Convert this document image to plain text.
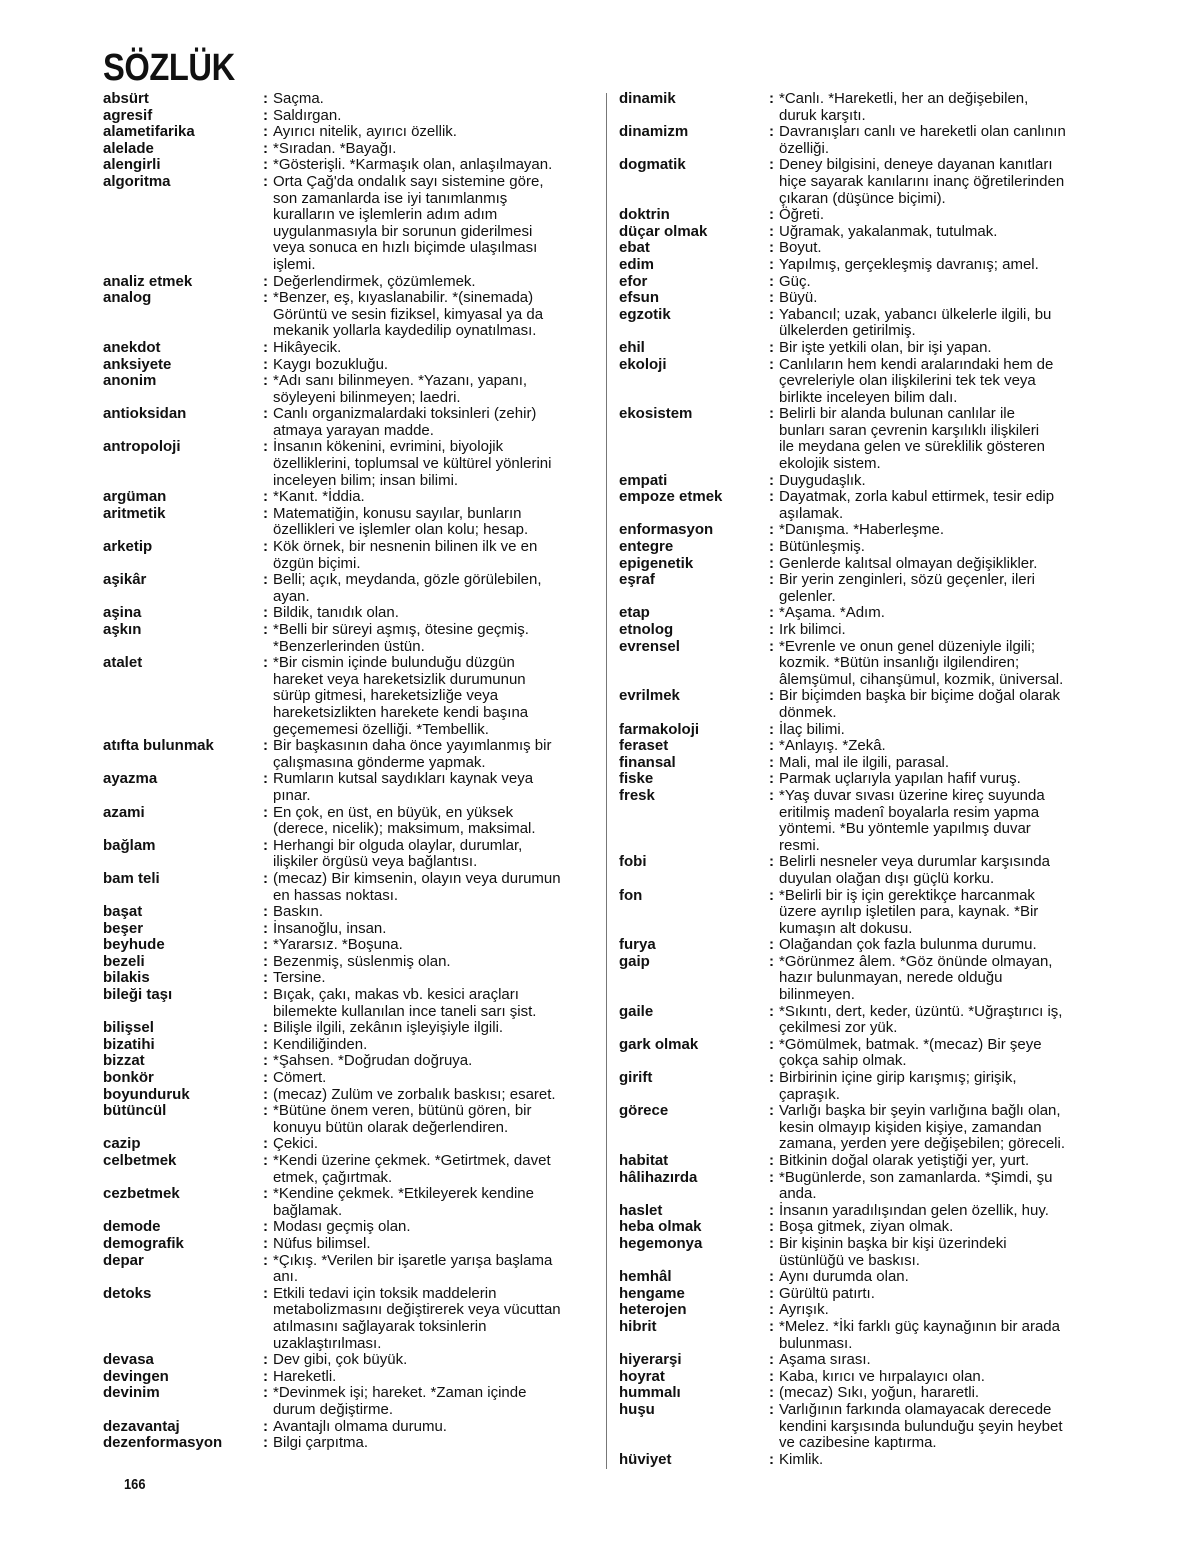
SÖZLÜK
absürt	: Saçma.
agresif	: Saldırgan.
alametifarika	: Ayırıcı nitelik, ayırıcı özellik.
alelade	: *Sıradan. *Bayağı.
alengirli	: *Gösterişli. *Karmaşık olan, anlaşılmayan.
algoritma	: Orta Çağ'da ondalık sayı sistemine göre,
son zamanlarda ise iyi tanımlanmış
kuralların ve işlemlerin adım adım
uygulanmasıyla bir sorunun giderilmesi
veya sonuca en hızlı biçimde ulaşılması
işlemi.
analiz etmek	: Değerlendirmek, çözümlemek.
analog	: *Benzer, eş, kıyaslanabilir. *(sinemada)
Görüntü ve sesin fiziksel, kimyasal ya da
mekanik yollarla kaydedilip oynatılması.
anekdot	: Hikâyecik.
anksiyete	: Kaygı bozukluğu.
anonim	: *Adı sanı bilinmeyen. *Yazanı, yapanı,
söyleyeni bilinmeyen; laedri.
antioksidan	: Canlı organizmalardaki toksinleri (zehir)
atmaya yarayan madde.
antropoloji	: İnsanın kökenini, evrimini, biyolojik
özelliklerini, toplumsal ve kültürel yönlerini
inceleyen bilim; insan bilimi.
argüman	: *Kanıt. *İddia.
aritmetik	: Matematiğin, konusu sayılar, bunların
özellikleri ve işlemler olan kolu; hesap.
arketip	: Kök örnek, bir nesnenin bilinen ilk ve en
özgün biçimi.
aşikâr	: Belli; açık, meydanda, gözle görülebilen,
ayan.
aşina	: Bildik, tanıdık olan.
aşkın	: *Belli bir süreyi aşmış, ötesine geçmiş.
*Benzerlerinden üstün.
atalet	: *Bir cismin içinde bulunduğu düzgün
hareket veya hareketsizlik durumunun
sürüp gitmesi, hareketsizliğe veya
hareketsizlikten harekete kendi başına
geçememesi özelliği. *Tembellik.
atıfta bulunmak	: Bir başkasının daha önce yayımlanmış bir
çalışmasına gönderme yapmak.
ayazma	: Rumların kutsal saydıkları kaynak veya
pınar.
azami	: En çok, en üst, en büyük, en yüksek
(derece, nicelik); maksimum, maksimal.
bağlam	: Herhangi bir olguda olaylar, durumlar,
ilişkiler örgüsü veya bağlantısı.
bam teli	: (mecaz) Bir kimsenin, olayın veya durumun
en hassas noktası.
başat	: Baskın.
beşer	: İnsanoğlu, insan.
beyhude	: *Yararsız. *Boşuna.
bezeli	: Bezenmiş, süslenmiş olan.
bilakis	: Tersine.
bileği taşı	: Bıçak, çakı, makas vb. kesici araçları
bilemekte kullanılan ince taneli sarı şist.
bilişsel	: Bilişle ilgili, zekânın işleyişiyle ilgili.
bizatihi	: Kendiliğinden.
bizzat	: *Şahsen. *Doğrudan doğruya.
bonkör	: Cömert.
boyunduruk	: (mecaz) Zulüm ve zorbalık baskısı; esaret.
bütüncül	: *Bütüne önem veren, bütünü gören, bir
konuyu bütün olarak değerlendiren.
cazip	: Çekici.
celbetmek	: *Kendi üzerine çekmek. *Getirtmek, davet
etmek, çağırtmak.
cezbetmek	: *Kendine çekmek. *Etkileyerek kendine
bağlamak.
demode	: Modası geçmiş olan.
demografik	: Nüfus bilimsel.
depar	: *Çıkış. *Verilen bir işaretle yarışa başlama
anı.
detoks	: Etkili tedavi için toksik maddelerin
metabolizmasını değiştirerek veya vücuttan
atılmasını sağlayarak toksinlerin
uzaklaştırılması.
devasa	: Dev gibi, çok büyük.
devingen	: Hareketli.
devinim	: *Devinmek işi; hareket. *Zaman içinde
durum değiştirme.
dezavantaj	: Avantajlı olmama durumu.
dezenformasyon	: Bilgi çarpıtma.
dinamik	: *Canlı. *Hareketli, her an değişebilen,
duruk karşıtı.
dinamizm	: Davranışları canlı ve hareketli olan canlının
özelliği.
dogmatik	: Deney bilgisini, deneye dayanan kanıtları
hiçe sayarak kanılarını inanç öğretilerinden
çıkaran (düşünce biçimi).
doktrin	: Öğreti.
düçar olmak	: Uğramak, yakalanmak, tutulmak.
ebat	: Boyut.
edim	: Yapılmış, gerçekleşmiş davranış; amel.
efor	: Güç.
efsun	: Büyü.
egzotik	: Yabancıl; uzak, yabancı ülkelerle ilgili, bu
ülkelerden getirilmiş.
ehil	: Bir işte yetkili olan, bir işi yapan.
ekoloji	: Canlıların hem kendi aralarındaki hem de
çevreleriyle olan ilişkilerini tek tek veya
birlikte inceleyen bilim dalı.
ekosistem	: Belirli bir alanda bulunan canlılar ile
bunları saran çevrenin karşılıklı ilişkileri
ile meydana gelen ve süreklilik gösteren
ekolojik sistem.
empati	: Duygudaşlık.
empoze etmek	: Dayatmak, zorla kabul ettirmek, tesir edip
aşılamak.
enformasyon	: *Danışma. *Haberleşme.
entegre	: Bütünleşmiş.
epigenetik	: Genlerde kalıtsal olmayan değişiklikler.
eşraf	: Bir yerin zenginleri, sözü geçenler, ileri
gelenler.
etap	: *Aşama. *Adım.
etnolog	: Irk bilimci.
evrensel	: *Evrenle ve onun genel düzeniyle ilgili;
kozmik. *Bütün insanlığı ilgilendiren;
âlemşümul, cihanşümul, kozmik, üniversal.
evrilmek	: Bir biçimden başka bir biçime doğal olarak
dönmek.
farmakoloji	: İlaç bilimi.
feraset	: *Anlayış. *Zekâ.
finansal	: Mali, mal ile ilgili, parasal.
fiske	: Parmak uçlarıyla yapılan hafif vuruş.
fresk	: *Yaş duvar sıvası üzerine kireç suyunda
eritilmiş madenî boyalarla resim yapma
yöntemi. *Bu yöntemle yapılmış duvar
resmi.
fobi	: Belirli nesneler veya durumlar karşısında
duyulan olağan dışı güçlü korku.
fon	: *Belirli bir iş için gerektikçe harcanmak
üzere ayrılıp işletilen para, kaynak. *Bir
kumaşın alt dokusu.
furya	: Olağandan çok fazla bulunma durumu.
gaip	: *Görünmez âlem. *Göz önünde olmayan,
hazır bulunmayan, nerede olduğu
bilinmeyen.
gaile	: *Sıkıntı, dert, keder, üzüntü. *Uğraştırıcı iş,
çekilmesi zor yük.
gark olmak	: *Gömülmek, batmak. *(mecaz) Bir şeye
çokça sahip olmak.
girift	: Birbirinin içine girip karışmış; girişik,
çapraşık.
görece	: Varlığı başka bir şeyin varlığına bağlı olan,
kesin olmayıp kişiden kişiye, zamandan
zamana, yerden yere değişebilen; göreceli.
habitat	: Bitkinin doğal olarak yetiştiği yer, yurt.
hâlihazırda	: *Bugünlerde, son zamanlarda. *Şimdi, şu
anda.
haslet	: İnsanın yaradılışından gelen özellik, huy.
heba olmak	: Boşa gitmek, ziyan olmak.
hegemonya	: Bir kişinin başka bir kişi üzerindeki
üstünlüğü ve baskısı.
hemhâl	: Aynı durumda olan.
hengame	: Gürültü patırtı.
heterojen	: Ayrışık.
hibrit	: *Melez. *İki farklı güç kaynağının bir arada
bulunması.
hiyerarşi	: Aşama sırası.
hoyrat	: Kaba, kırıcı ve hırpalayıcı olan.
hummalı	: (mecaz) Sıkı, yoğun, hararetli.
huşu	: Varlığının farkında olamayacak derecede
kendini karşısında bulunduğu şeyin heybet
ve cazibesine kaptırma.
hüviyet	: Kimlik.
166
